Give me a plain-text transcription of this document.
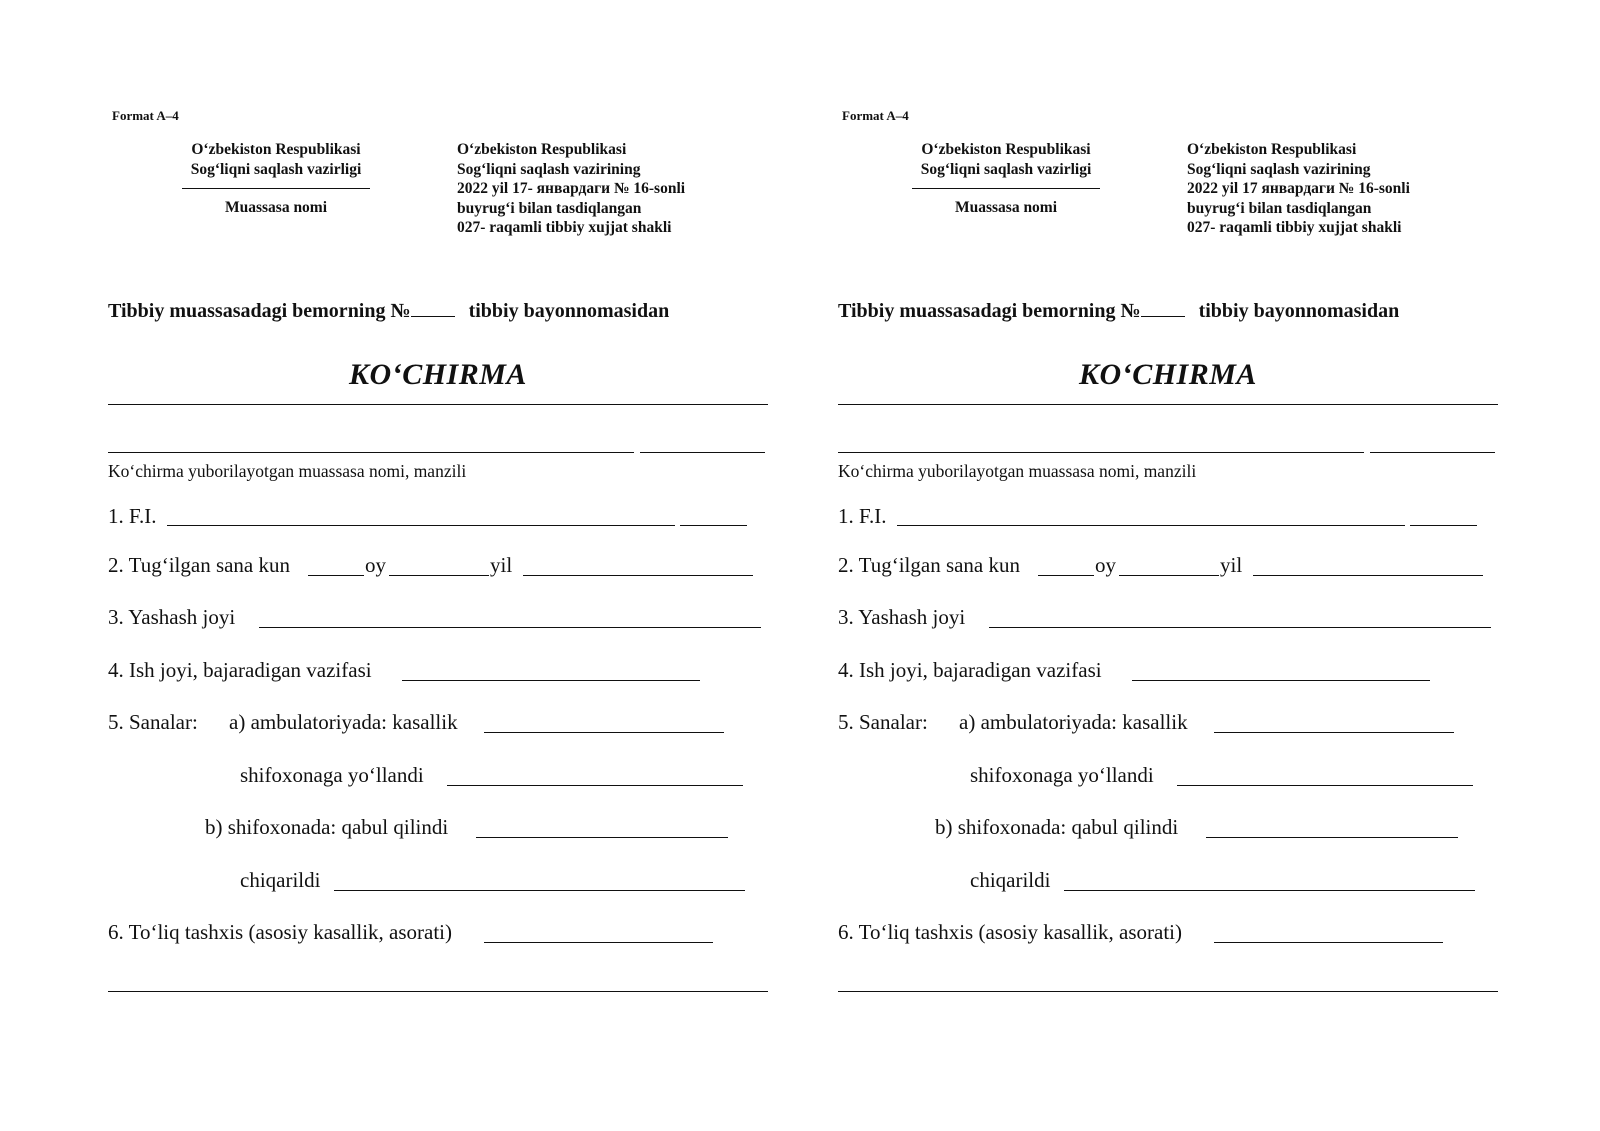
Format A–4
O‘zbekiston Respublikasi
Sog‘liqni saqlash vazirligi
Muassasa nomi
O‘zbekiston Respublikasi
Sog‘liqni saqlash vazirining
2022 yil 17- январдаги № 16-sonli
buyrug‘i bilan tasdiqlangan
027- raqamli tibbiy xujjat shakli
Tibbiy muassasadagi bemorning №	tibbiy bayonnomasidan
KO‘CHIRMA
Ko‘chirma yuborilayotgan muassasa nomi, manzili
1. F.I.
2. Tug‘ilgan sana kun	oy	yil
3. Yashash joyi
4. Ish joyi, bajaradigan vazifasi
5. Sanalar: a) ambulatoriyada: kasallik
shifoxonaga yo‘llandi
b) shifoxonada: qabul qilindi
chiqarildi
6. To‘liq tashxis (asosiy kasallik, asorati)
Format A–4
O‘zbekiston Respublikasi
Sog‘liqni saqlash vazirligi
Muassasa nomi
O‘zbekiston Respublikasi
Sog‘liqni saqlash vazirining
2022 yil 17 январдаги № 16-sonli
buyrug‘i bilan tasdiqlangan
027- raqamli tibbiy xujjat shakli
Tibbiy muassasadagi bemorning №	tibbiy bayonnomasidan
KO‘CHIRMA
Ko‘chirma yuborilayotgan muassasa nomi, manzili
1. F.I.
2. Tug‘ilgan sana kun	oy	yil
3. Yashash joyi
4. Ish joyi, bajaradigan vazifasi
5. Sanalar: a) ambulatoriyada: kasallik
shifoxonaga yo‘llandi
b) shifoxonada: qabul qilindi
chiqarildi
6. To‘liq tashxis (asosiy kasallik, asorati)
